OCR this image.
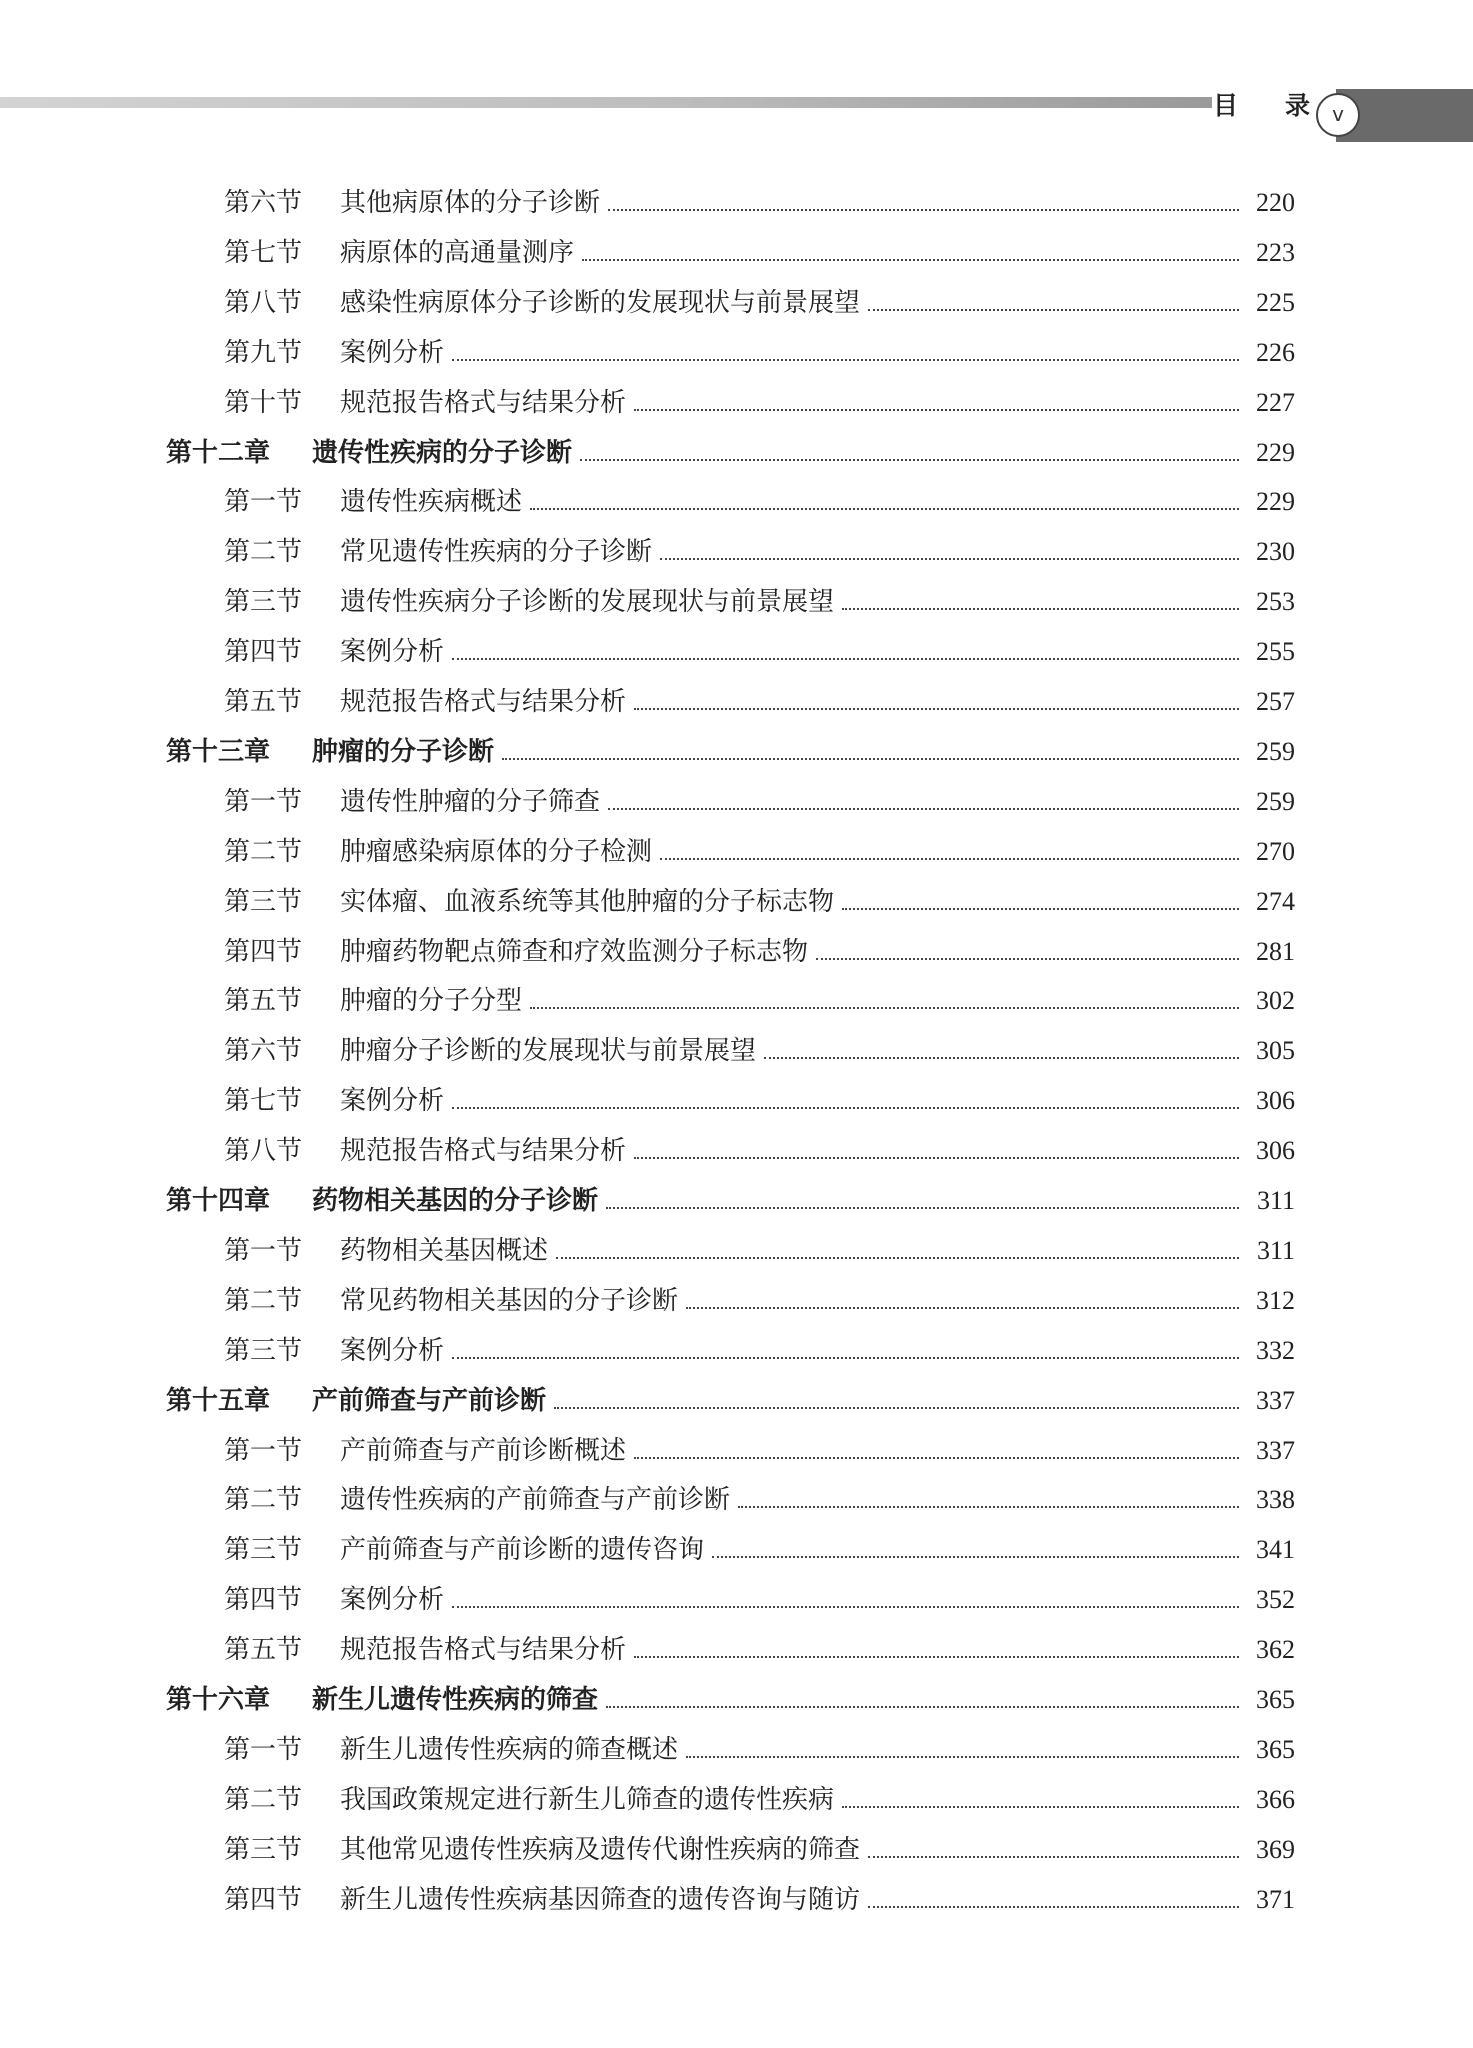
目 录	v
第六节	其他病原体的分子诊断	220
第七节	病原体的高通量测序	223
第八节	感染性病原体分子诊断的发展现状与前景展望	225
第九节	案例分析	226
第十节	规范报告格式与结果分析	227
第十二章	遗传性疾病的分子诊断	229
第一节	遗传性疾病概述	229
第二节	常见遗传性疾病的分子诊断	230
第三节	遗传性疾病分子诊断的发展现状与前景展望	253
第四节	案例分析	255
第五节	规范报告格式与结果分析	257
第十三章	肿瘤的分子诊断	259
第一节	遗传性肿瘤的分子筛查	259
第二节	肿瘤感染病原体的分子检测	270
第三节	实体瘤、血液系统等其他肿瘤的分子标志物	274
第四节	肿瘤药物靶点筛查和疗效监测分子标志物	281
第五节	肿瘤的分子分型	302
第六节	肿瘤分子诊断的发展现状与前景展望	305
第七节	案例分析	306
第八节	规范报告格式与结果分析	306
第十四章	药物相关基因的分子诊断	311
第一节	药物相关基因概述	311
第二节	常见药物相关基因的分子诊断	312
第三节	案例分析	332
第十五章	产前筛查与产前诊断	337
第一节	产前筛查与产前诊断概述	337
第二节	遗传性疾病的产前筛查与产前诊断	338
第三节	产前筛查与产前诊断的遗传咨询	341
第四节	案例分析	352
第五节	规范报告格式与结果分析	362
第十六章	新生儿遗传性疾病的筛查	365
第一节	新生儿遗传性疾病的筛查概述	365
第二节	我国政策规定进行新生儿筛查的遗传性疾病	366
第三节	其他常见遗传性疾病及遗传代谢性疾病的筛查	369
第四节	新生儿遗传性疾病基因筛查的遗传咨询与随访	371
